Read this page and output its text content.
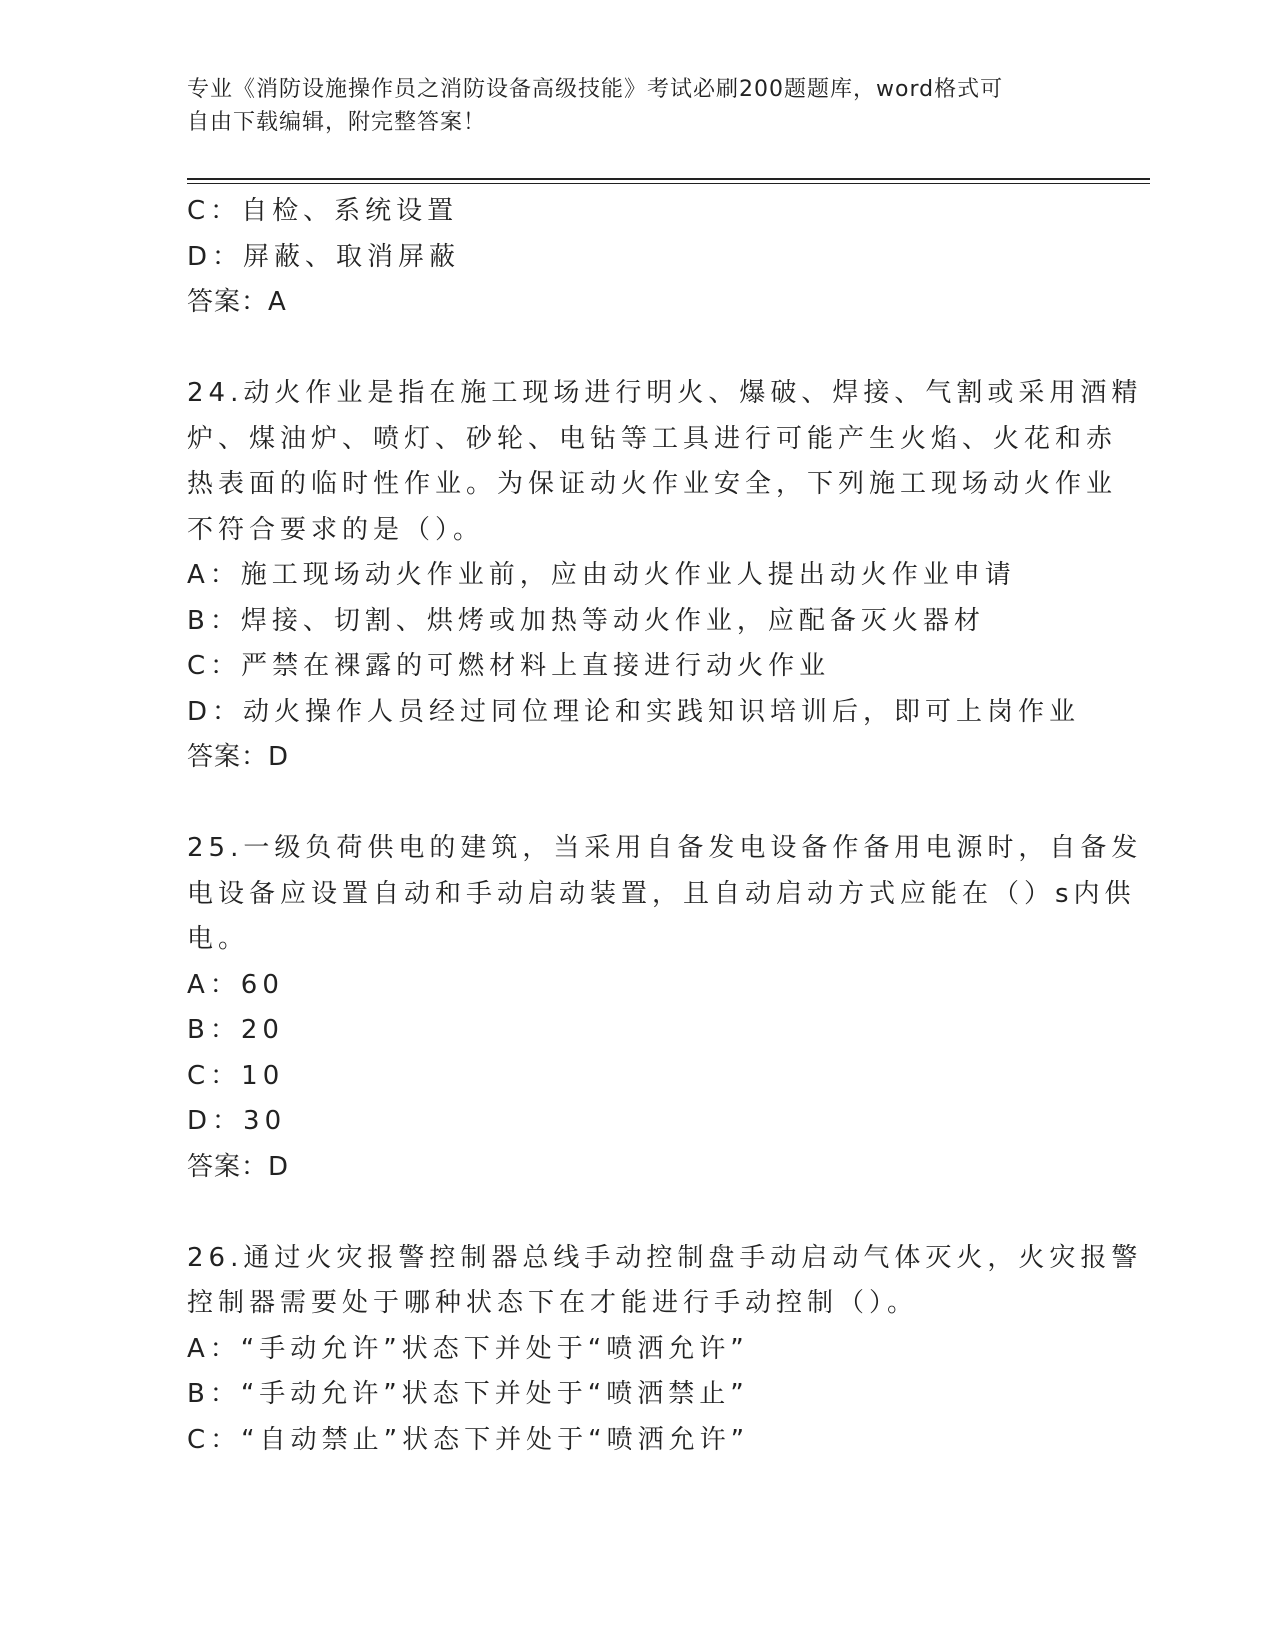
专业《消防设施操作员之消防设备高级技能》考试必刷200题题库，word格式可
自由下载编辑，附完整答案！
C：自检、系统设置
D：屏蔽、取消屏蔽
答案：A
24.动火作业是指在施工现场进行明火、爆破、焊接、气割或采用酒精
炉、煤油炉、喷灯、砂轮、电钻等工具进行可能产生火焰、火花和赤
热表面的临时性作业。为保证动火作业安全，下列施工现场动火作业
不符合要求的是（）。
A：施工现场动火作业前，应由动火作业人提出动火作业申请
B：焊接、切割、烘烤或加热等动火作业，应配备灭火器材
C：严禁在裸露的可燃材料上直接进行动火作业
D：动火操作人员经过同位理论和实践知识培训后，即可上岗作业
答案：D
25.一级负荷供电的建筑，当采用自备发电设备作备用电源时，自备发
电设备应设置自动和手动启动装置，且自动启动方式应能在（）s内供
电。
A：60
B：20
C：10
D：30
答案：D
26.通过火灾报警控制器总线手动控制盘手动启动气体灭火，火灾报警
控制器需要处于哪种状态下在才能进行手动控制（）。
A：“手动允许”状态下并处于“喷洒允许”
B：“手动允许”状态下并处于“喷洒禁止”
C：“自动禁止”状态下并处于“喷洒允许”
